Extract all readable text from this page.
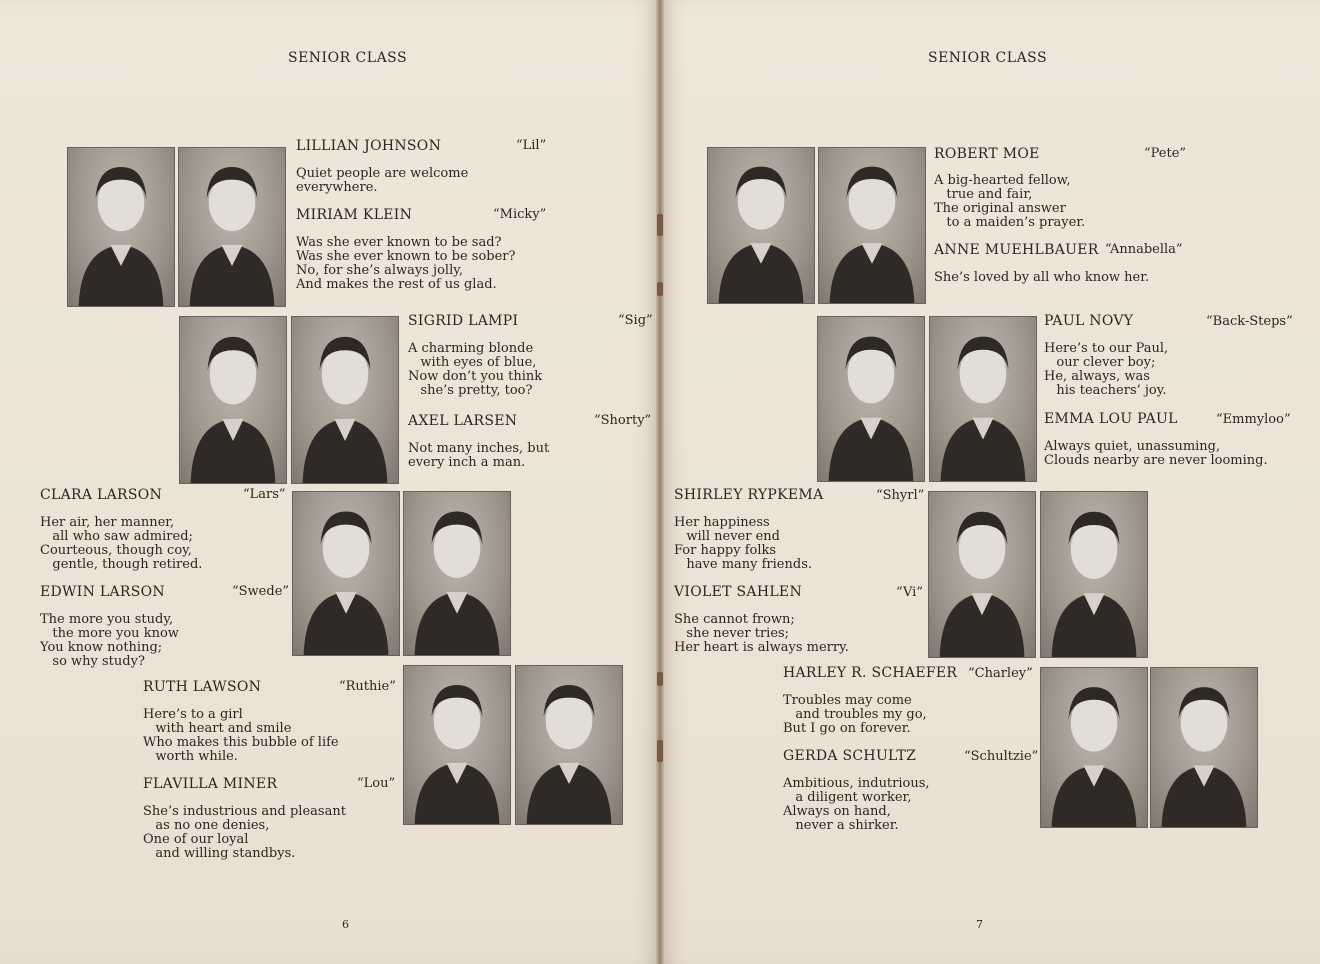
SENIOR CLASS
LILLIAN JOHNSON	“Lil”
Quiet people are welcome
everywhere.
MIRIAM KLEIN	“Micky”
Was she ever known to be sad?
Was she ever known to be sober?
No, for she’s always jolly,
And makes the rest of us glad.
SIGRID LAMPI	“Sig”
A charming blonde
with eyes of blue,
Now don’t you think
she’s pretty, too?
AXEL LARSEN	“Shorty”
Not many inches, but
every inch a man.
CLARA LARSON	“Lars”
Her air, her manner,
all who saw admired;
Courteous, though coy,
gentle, though retired.
EDWIN LARSON	“Swede”
The more you study,
the more you know
You know nothing;
so why study?
RUTH LAWSON	“Ruthie”
Here’s to a girl
with heart and smile
Who makes this bubble of life
worth while.
FLAVILLA MINER	“Lou”
She’s industrious and pleasant
as no one denies,
One of our loyal
and willing standbys.
6
SENIOR CLASS
ROBERT MOE	“Pete”
A big-hearted fellow,
true and fair,
The original answer
to a maiden’s prayer.
ANNE MUEHLBAUER “Annabella”
She’s loved by all who know her.
PAUL NOVY	“Back-Steps”
Here’s to our Paul,
our clever boy;
He, always, was
his teachers’ joy.
EMMA LOU PAUL	“Emmyloo”
Always quiet, unassuming,
Clouds nearby are never looming.
SHIRLEY RYPKEMA	“Shyrl”
Her happiness
will never end
For happy folks
have many friends.
VIOLET SAHLEN	“Vi”
She cannot frown;
she never tries;
Her heart is always merry.
HARLEY R. SCHAEFER “Charley”
Troubles may come
and troubles my go,
But I go on forever.
GERDA SCHULTZ	“Schultzie”
Ambitious, indutrious,
a diligent worker,
Always on hand,
never a shirker.
7
